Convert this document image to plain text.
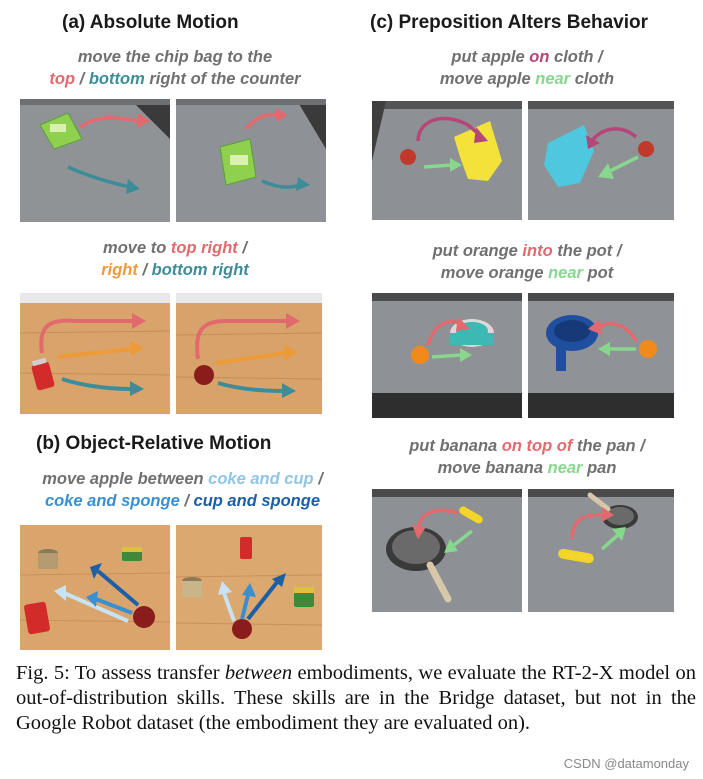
(a) Absolute Motion
move the chip bag to the
top / bottom right of the counter
move to top right /
right / bottom right
(b) Object-Relative Motion
move apple between coke and cup /
coke and sponge / cup and sponge
(c) Preposition Alters Behavior
put apple on cloth /
move apple near cloth
put orange into the pot /
move orange near pot
put banana on top of the pan /
move banana near pan
Fig. 5: To assess transfer between embodiments, we evaluate the RT-2-X model on out-of-distribution skills. These skills are in the Bridge dataset, but not in the Google Robot dataset (the embodiment they are evaluated on).
CSDN @datamonday
